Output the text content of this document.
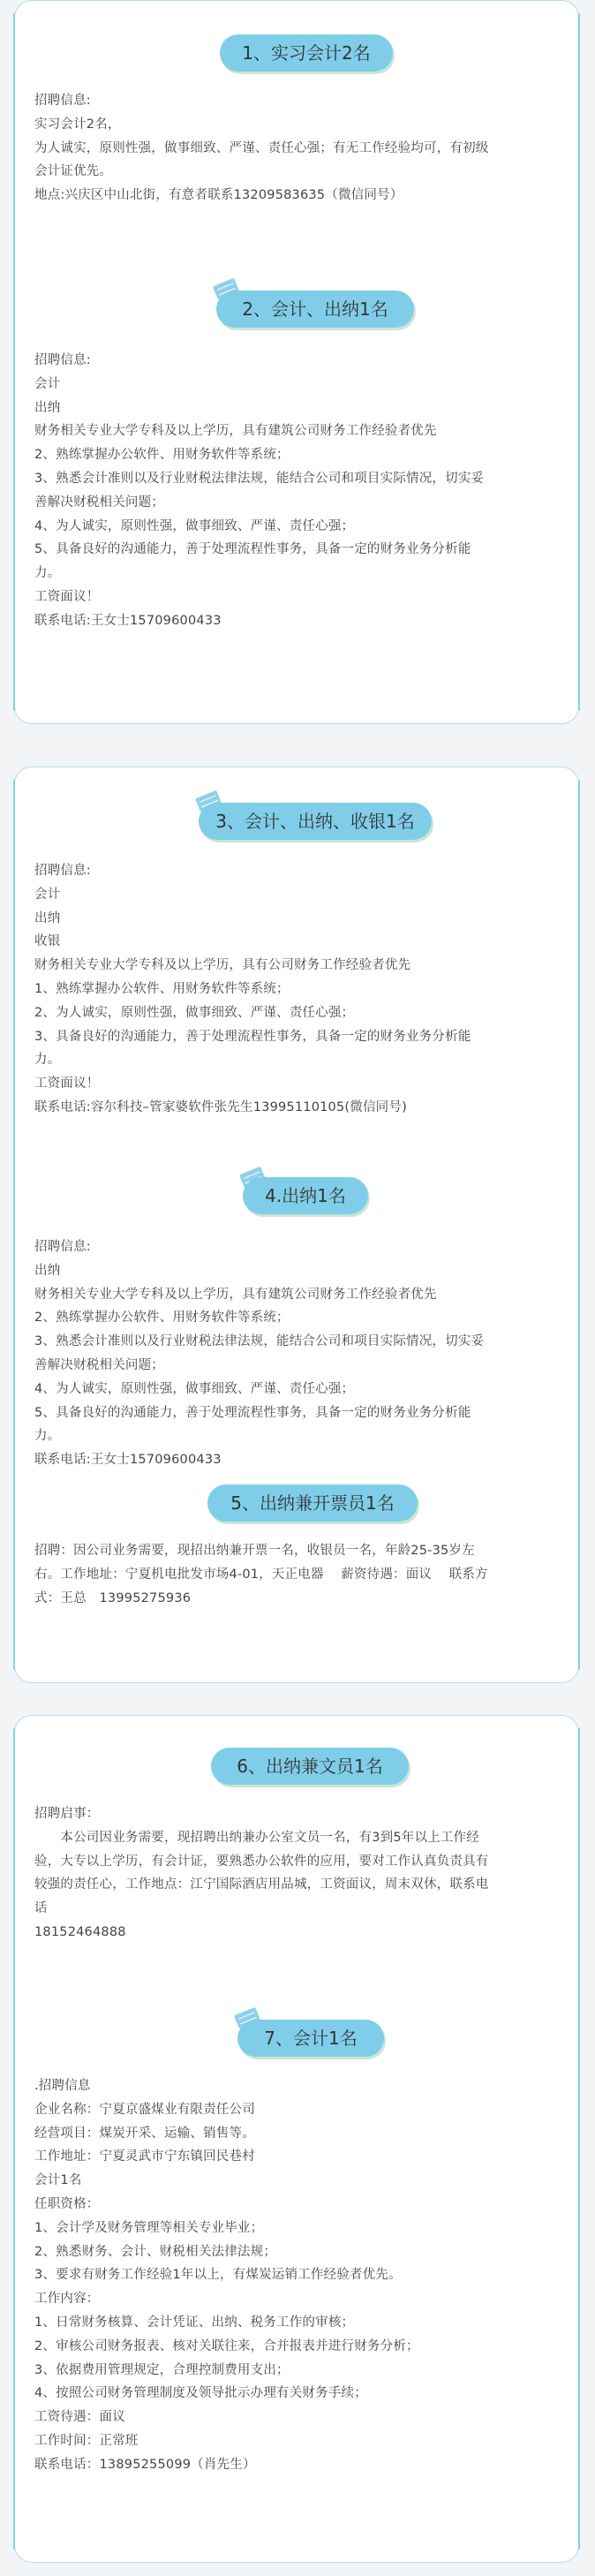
1、实习会计2名
招聘信息:
实习会计2名，
为人诚实，原则性强，做事细致、严谨、责任心强；有无工作经验均可，有初级
会计证优先。
地点:兴庆区中山北街，有意者联系13209583635（微信同号）
2、会计、出纳1名
招聘信息:
会计
出纳
财务相关专业大学专科及以上学历，具有建筑公司财务工作经验者优先
2、熟练掌握办公软件、用财务软件等系统；
3、熟悉会计准则以及行业财税法律法规，能结合公司和项目实际情况，切实妥
善解决财税相关问题；
4、为人诚实，原则性强，做事细致、严谨、责任心强；
5、具备良好的沟通能力，善于处理流程性事务，具备一定的财务业务分析能
力。
工资面议！
联系电话:王女士15709600433
3、会计、出纳、收银1名
招聘信息:
会计
出纳
收银
财务相关专业大学专科及以上学历，具有公司财务工作经验者优先
1、熟练掌握办公软件、用财务软件等系统；
2、为人诚实，原则性强，做事细致、严谨、责任心强；
3、具备良好的沟通能力，善于处理流程性事务，具备一定的财务业务分析能
力。
工资面议！
联系电话:容尔科技–管家婆软件张先生13995110105(微信同号)
4.出纳1名
招聘信息:
出纳
财务相关专业大学专科及以上学历，具有建筑公司财务工作经验者优先
2、熟练掌握办公软件、用财务软件等系统；
3、熟悉会计准则以及行业财税法律法规，能结合公司和项目实际情况，切实妥
善解决财税相关问题；
4、为人诚实，原则性强，做事细致、严谨、责任心强；
5、具备良好的沟通能力，善于处理流程性事务，具备一定的财务业务分析能
力。
联系电话:王女士15709600433
5、出纳兼开票员1名
招聘：因公司业务需要，现招出纳兼开票一名，收银员一名，年龄25-35岁左
右。工作地址：宁夏机电批发市场4-01，天正电器　 薪资待遇：面议　 联系方
式：王总　13995275936
6、出纳兼文员1名
招聘启事：
　　本公司因业务需要，现招聘出纳兼办公室文员一名，有3到5年以上工作经
验，大专以上学历，有会计证，要熟悉办公软件的应用，要对工作认真负责具有
较强的责任心，工作地点：江宁国际酒店用品城，工资面议，周末双休，联系电
话
18152464888
7、会计1名
.招聘信息
企业名称：宁夏京盛煤业有限责任公司
经营项目：煤炭开采、运输、销售等。
工作地址：宁夏灵武市宁东镇回民巷村
会计1名
任职资格：
1、会计学及财务管理等相关专业毕业；
2、熟悉财务、会计、财税相关法律法规；
3、要求有财务工作经验1年以上，有煤炭运销工作经验者优先。
工作内容：
1、日常财务核算、会计凭证、出纳、税务工作的审核；
2、审核公司财务报表、核对关联往来，合并报表并进行财务分析；
3、依据费用管理规定，合理控制费用支出；
4、按照公司财务管理制度及领导批示办理有关财务手续；
工资待遇：面议
工作时间：正常班
联系电话：13895255099（肖先生）
